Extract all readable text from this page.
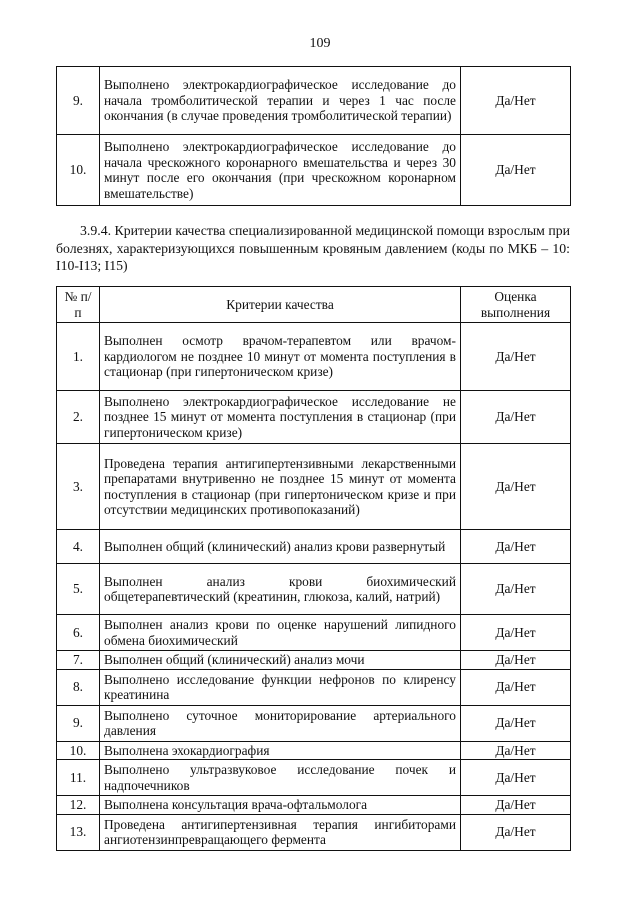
109
9.	Выполнено электрокардиографическое исследование до начала тромболитической терапии и через 1 час после окончания (в случае проведения тромболитической терапии)	Да/Нет
10.	Выполнено электрокардиографическое исследование до начала чрескожного коронарного вмешательства и через 30 минут после его окончания (при чрескожном коронарном вмешательстве)	Да/Нет
3.9.4. Критерии качества специализированной медицинской помощи взрослым при болезнях, характеризующихся повышенным кровяным давлением (коды по МКБ – 10: I10-I13; I15)
№ п/п	Критерии качества	Оценка выполнения
1.	Выполнен осмотр врачом-терапевтом или врачом-кардиологом не позднее 10 минут от момента поступления в стационар (при гипертоническом кризе)	Да/Нет
2.	Выполнено электрокардиографическое исследование не позднее 15 минут от момента поступления в стационар (при гипертоническом кризе)	Да/Нет
3.	Проведена терапия антигипертензивными лекарственными препаратами внутривенно не позднее 15 минут от момента поступления в стационар (при гипертоническом кризе и при отсутствии медицинских противопоказаний)	Да/Нет
4.	Выполнен общий (клинический) анализ крови развернутый	Да/Нет
5.	Выполнен анализ крови биохимический общетерапевтический (креатинин, глюкоза, калий, натрий)	Да/Нет
6.	Выполнен анализ крови по оценке нарушений липидного обмена биохимический	Да/Нет
7.	Выполнен общий (клинический) анализ мочи	Да/Нет
8.	Выполнено исследование функции нефронов по клиренсу креатинина	Да/Нет
9.	Выполнено суточное мониторирование артериального давления	Да/Нет
10.	Выполнена эхокардиография	Да/Нет
11.	Выполнено ультразвуковое исследование почек и надпочечников	Да/Нет
12.	Выполнена консультация врача-офтальмолога	Да/Нет
13.	Проведена антигипертензивная терапия ингибиторами ангиотензинпревращающего фермента	Да/Нет
